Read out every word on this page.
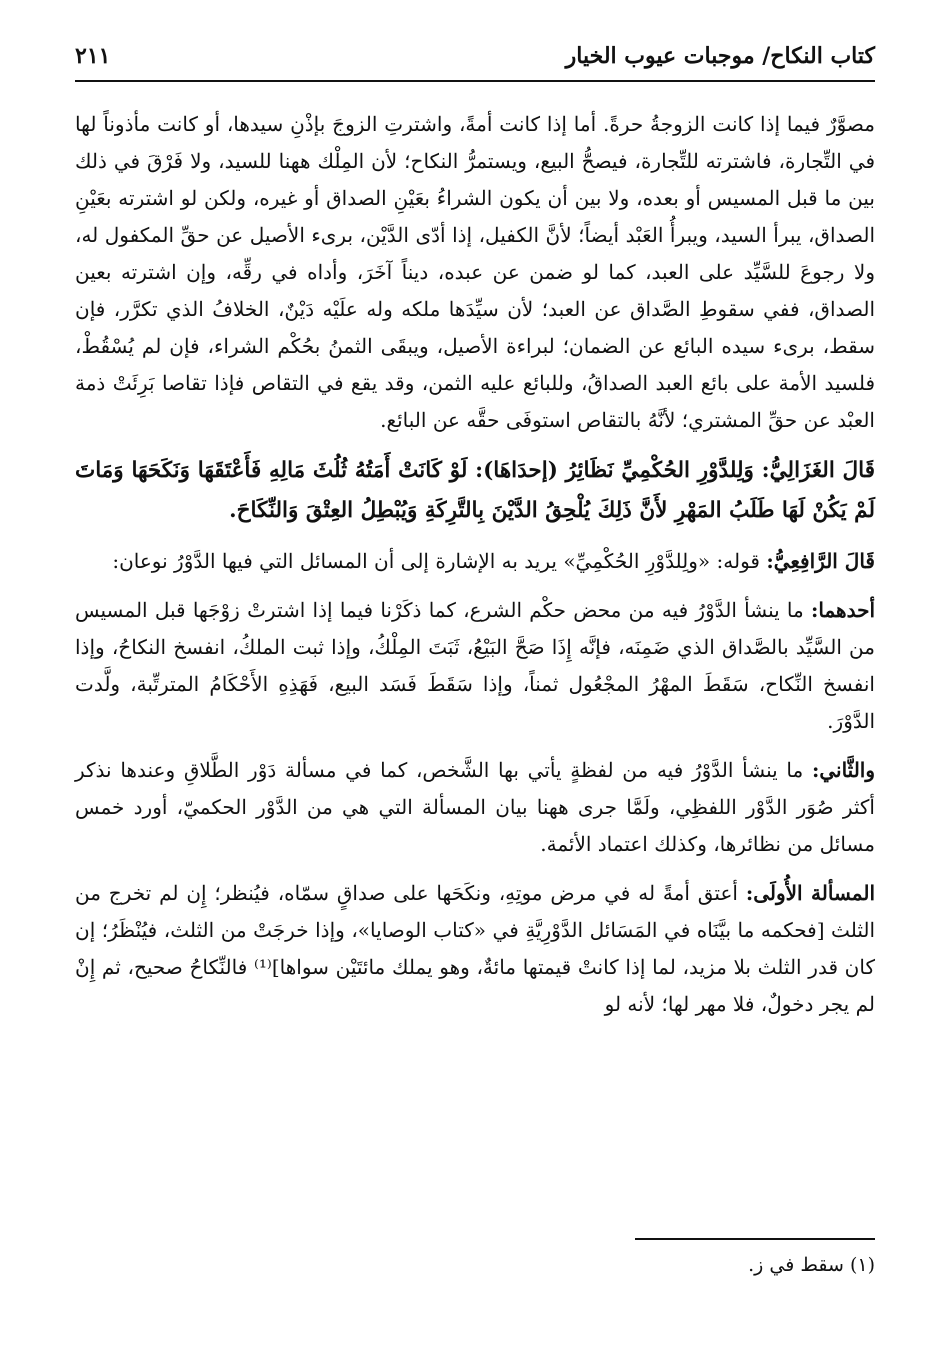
كتاب النكاح/ موجبات عيوب الخيار
٢١١

مصوَّرٌ فيما إذا كانت الزوجةُ حرةً. أما إذا كانت أمةً، واشترتِ الزوجَ بإذْنِ سيدها، أو كانت مأذوناً لها في التِّجارة، فاشترته للتِّجارة، فيصحُّ البيع، ويستمرُّ النكاح؛ لأن المِلْك ههنا للسيد، ولا فَرْقَ في ذلك بين ما قبل المسيس أو بعده، ولا بين أن يكون الشراءُ بعَيْنِ الصداق أو غيره، ولكن لو اشترته بعَيْنِ الصداق، يبرأ السيد، ويبرأُ العَبْد أيضاً؛ لأنَّ الكفيل، إذا أدّى الدَّيْن، برىء الأصيل عن حقِّ المكفول له، ولا رجوعَ للسَّيِّد على العبد، كما لو ضمن عن عبده، ديناً آخَرَ، وأداه في رقِّه، وإن اشترته بعين الصداق، ففي سقوطِ الصَّداق عن العبد؛ لأن سيِّدَها ملكه وله علَيْه دَيْنٌ، الخلافُ الذي تكرَّر، فإن سقط، برىء سيده البائع عن الضمان؛ لبراءة الأصيل، ويبقَى الثمنُ بحُكْم الشراء، فإن لم يُسْقُطْ، فلسيد الأمة على بائع العبد الصداقُ، وللبائع عليه الثمن، وقد يقع في التقاص فإذا تقاصا بَرِئَتْ ذمة العبْد عن حقِّ المشتري؛ لأنَّهُ بالتقاص استوفَى حقَّه عن البائع.

قَالَ الغَزَالِيُّ: وَلِلدَّوْرِ الحُكْمِيِّ نَظَائِرُ (إحدَاهَا): لَوْ كَانَتْ أَمَتُهُ ثُلُثَ مَالِهِ فَأَعْتَقَهَا وَنَكَحَهَا وَمَاتَ لَمْ يَكُنْ لَهَا طَلَبُ المَهْرِ لأَنَّ ذَلِكَ يُلْحِقُ الدَّيْنَ بِالتَّرِكَةِ وَيُبْطِلُ العِتْقَ وَالنِّكَاحَ.

قَالَ الرَّافِعِيُّ: قوله: «ولِلدَّوْرِ الحُكْمِيِّ» يريد به الإشارة إلى أن المسائل التي فيها الدَّوْرُ نوعان:

أحدهما: ما ينشأ الدَّوْرُ فيه من محض حكْم الشرع، كما ذكَرْنا فيما إذا اشترتْ زوْجَها قبل المسيس من السَّيِّد بالصَّداق الذي ضَمِنَه، فإنَّه إِذَا صَحَّ البَيْعُ، ثَبَتَ المِلْكُ، وإذا ثبت الملكُ، انفسخ النكاحُ، وإذا انفسخ النِّكاح، سَقَطَ المهْرُ المجْعُول ثمناً، وإذا سَقَطَ فَسَد البيع، فَهَذِهِ الأَحْكَامُ المترتِّبة، ولَّدت الدَّوْرَ.

والثَّاني: ما ينشأ الدَّوْرُ فيه من لفظةٍ يأتي بها الشَّخص، كما في مسألة دَوْر الطَّلاقِ وعندها نذكر أكثر صُوَر الدَّوْر اللفظِي، ولَمَّا جرى ههنا بيان المسألة التي هي من الدَّوْر الحكميّ، أورد خمس مسائل من نظائرها، وكذلك اعتماد الأئمة.

المسألة الأُولَى: أعتق أمةً له في مرض موتِهِ، ونكَحَها على صداقٍ سمّاه، فيُنظر؛ إِن لم تخرج من الثلث [فحكمه ما بيَّنَاه في المَسَائل الدَّوْرِيَّةِ في «كتاب الوصايا»، وإذا خرجَتْ من الثلث، فيُنْظَرُ؛ إن كان قدر الثلث بلا مزيد، لما إذا كانتْ قيمتها مائةٌ، وهو يملك مائتَيْن سواها]⁽¹⁾ فالنِّكاحُ صحيح، ثم إِنْ لم يجر دخولٌ، فلا مهر لها؛ لأنه لو

(١) سقط في ز.
